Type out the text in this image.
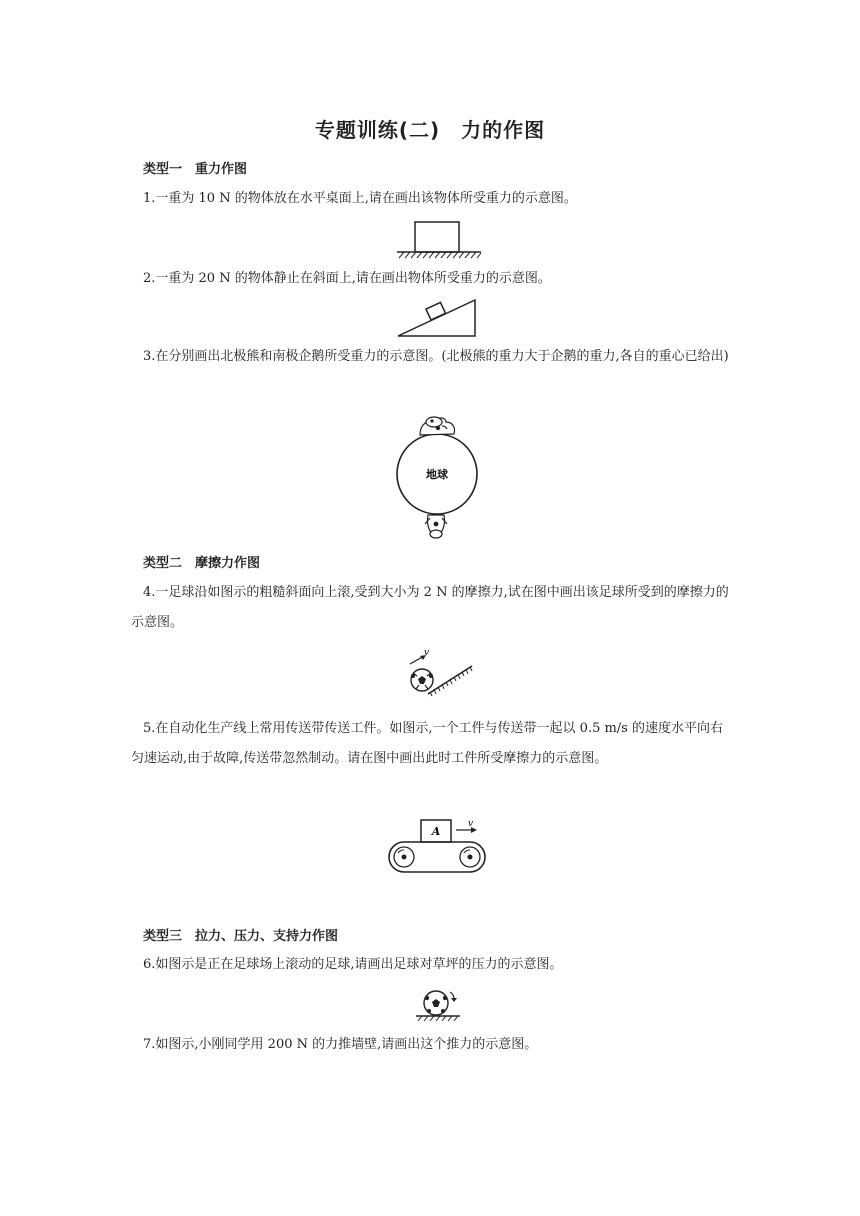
专题训练(二)　力的作图
类型一　重力作图
1.一重为 10 N 的物体放在水平桌面上,请在画出该物体所受重力的示意图。
2.一重为 20 N 的物体静止在斜面上,请在画出物体所受重力的示意图。
3.在分别画出北极熊和南极企鹅所受重力的示意图。(北极熊的重力大于企鹅的重力,各自的重心已给出)
地球
类型二　摩擦力作图
4.一足球沿如图示的粗糙斜面向上滚,受到大小为 2 N 的摩擦力,试在图中画出该足球所受到的摩擦力的示意图。
v
5.在自动化生产线上常用传送带传送工件。如图示,一个工件与传送带一起以 0.5 m/s 的速度水平向右匀速运动,由于故障,传送带忽然制动。请在图中画出此时工件所受摩擦力的示意图。
A
v
类型三　拉力、压力、支持力作图
6.如图示是正在足球场上滚动的足球,请画出足球对草坪的压力的示意图。
7.如图示,小刚同学用 200 N 的力推墙壁,请画出这个推力的示意图。
